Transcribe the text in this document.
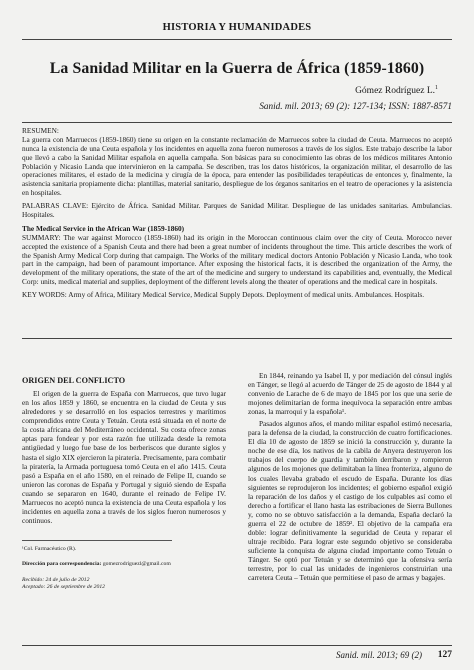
HISTORIA Y HUMANIDADES
La Sanidad Militar en la Guerra de África (1859-1860)
Gómez Rodríguez L.$^1$
Sanid. mil. 2013; 69 (2): 127-134; ISSN: 1887-8571

RESUMEN:
La guerra con Marruecos (1859-1860) tiene su origen en la constante reclamación de Marruecos sobre la ciudad de Ceuta. Marruecos no aceptó nunca la existencia de una Ceuta española y los incidentes en aquella zona fueron numerosos a través de los siglos. Este trabajo describe la labor que llevó a cabo la Sanidad Militar española en aquella campaña. Son básicas para su conocimiento las obras de los médicos militares Antonio Población y Nicasio Landa que intervinieron en la campaña. Se describen, tras los datos históricos, la organización militar, el desarrollo de las operaciones militares, el estado de la medicina y cirugía de la época, para entender las posibilidades terapéuticas de entonces y, finalmente, la asistencia sanitaria propiamente dicha: plantillas, material sanitario, despliegue de los órganos sanitarios en el teatro de operaciones y la asistencia en hospitales.

PALABRAS CLAVE: Ejército de África. Sanidad Militar. Parques de Sanidad Militar. Despliegue de las unidades sanitarias. Ambulancias. Hospitales.

The Medical Service in the African War (1859-1860)

SUMMARY: The war against Morocco (1859-1860) had its origin in the Moroccan continuous claim over the city of Ceuta. Morocco never accepted the existence of a Spanish Ceuta and there had been a great number of incidents throughout the time. This article describes the work of the Spanish Army Medical Corp during that campaign. The Works of the military medical doctors Antonio Población y Nicasio Landa, who took part in the campaign, had been of paramount importance. After exposing the historical facts, it is described the organization of the Army, the development of the military operations, the state of the art of the medicine and surgery to understand its capabilities and, eventually, the Medical Corp: units, medical material and supplies, deployment of the different levels along the theater of operations and the medical care in hospitals.

KEY WORDS: Army of Africa, Military Medical Service, Medical Supply Depots. Deployment of medical units. Ambulances. Hospitals.

ORIGEN DEL CONFLICTO

El origen de la guerra de España con Marruecos, que tuvo lugar en los años 1859 y 1860, se encuentra en la ciudad de Ceuta y sus alrededores y se desarrolló en los espacios terrestres y marítimos comprendidos entre Ceuta y Tetuán. Ceuta está situada en el norte de la costa africana del Mediterráneo occidental. Su costa ofrece zonas aptas para fondear y por esta razón fue utilizada desde la remota antigüedad y luego fue base de los berberiscos que durante siglos y hasta el siglo XIX ejercieron la piratería. Precisamente, para combatir la piratería, la Armada portuguesa tomó Ceuta en el año 1415. Ceuta pasó a España en el año 1580, en el reinado de Felipe II, cuando se unieron las coronas de España y Portugal y siguió siendo de España cuando se separaron en 1640, durante el reinado de Felipe IV. Marruecos no aceptó nunca la existencia de una Ceuta española y los incidentes en aquella zona a través de los siglos fueron numerosos y continuos.

En 1844, reinando ya Isabel II, y por mediación del cónsul inglés en Tánger, se llegó al acuerdo de Tánger de 25 de agosto de 1844 y al convenio de Larache de 6 de mayo de 1845 por los que una serie de mojones delimitarían de forma inequívoca la separación entre ambas zonas, la marroquí y la española¹.

Pasados algunos años, el mando militar español estimó necesaria, para la defensa de la ciudad, la construcción de cuatro fortificaciones. El día 10 de agosto de 1859 se inició la construcción y, durante la noche de ese día, los nativos de la cabila de Anyera destruyeron los trabajos del cuerpo de guardia y también derribaron y rompieron algunos de los mojones que delimitaban la línea fronteriza, alguno de los cuales llevaba grabado el escudo de España. Durante los días siguientes se reprodujeron los incidentes; el gobierno español exigió la reparación de los daños y el castigo de los culpables así como el derecho a fortificar el llano hasta las estribaciones de Sierra Bullones y, como no se obtuvo satisfacción a la demanda, España declaró la guerra el 22 de octubre de 1859². El objetivo de la campaña era doble: lograr definitivamente la seguridad de Ceuta y reparar el ultraje recibido. Para lograr este segundo objetivo se consideraba suficiente la conquista de alguna ciudad importante como Tetuán o Tánger. Se optó por Tetuán y se determinó que la ofensiva sería terrestre, por lo cual las unidades de ingenieros construirían una carretera Ceuta – Tetuán que permitiese el paso de armas y bagajes.

¹Col. Farmacéutico (R).
Dirección para correspondencia: gomezrodriguezl@gmail.com
Recibido: 24 de julio de 2012
Aceptado: 26 de septiembre de 2012
Sanid. mil. 2013; 69 (2) 127
